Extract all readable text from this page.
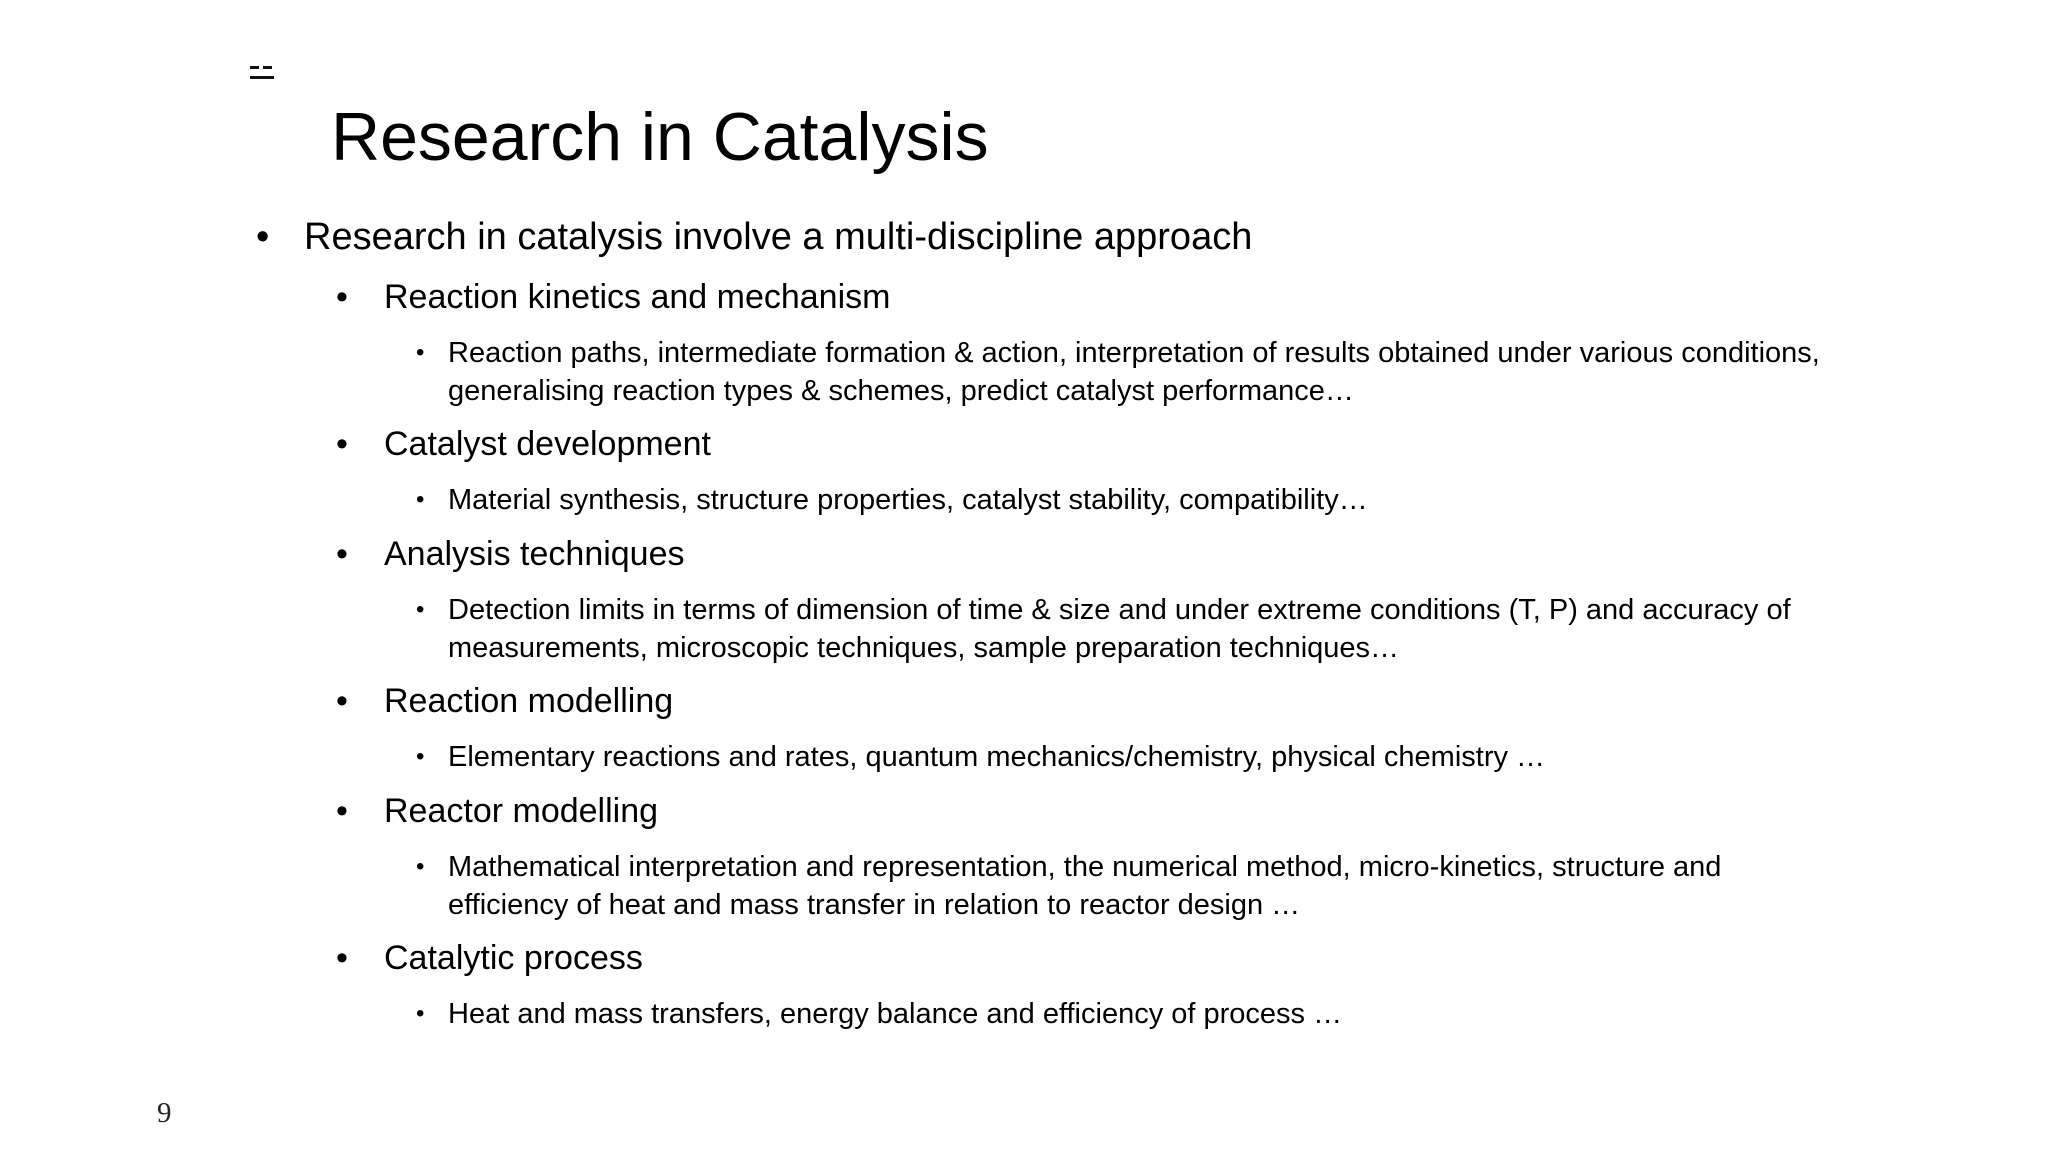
Research in Catalysis
• Research in catalysis involve a multi-discipline approach
•	Reaction kinetics and mechanism
• Reaction paths, intermediate formation & action, interpretation of results obtained under various conditions, generalising reaction types & schemes, predict catalyst performance…
•	Catalyst development
• Material synthesis, structure properties, catalyst stability, compatibility…
•	Analysis techniques
• Detection limits in terms of dimension of time & size and under extreme conditions (T, P) and accuracy of measurements, microscopic techniques, sample preparation techniques…
•	Reaction modelling
• Elementary reactions and rates, quantum mechanics/chemistry, physical chemistry …
•	Reactor modelling
• Mathematical interpretation and representation, the numerical method, micro-kinetics, structure and efficiency of heat and mass transfer in relation to reactor design …
•	Catalytic process
• Heat and mass transfers, energy balance and efficiency of process …
9
